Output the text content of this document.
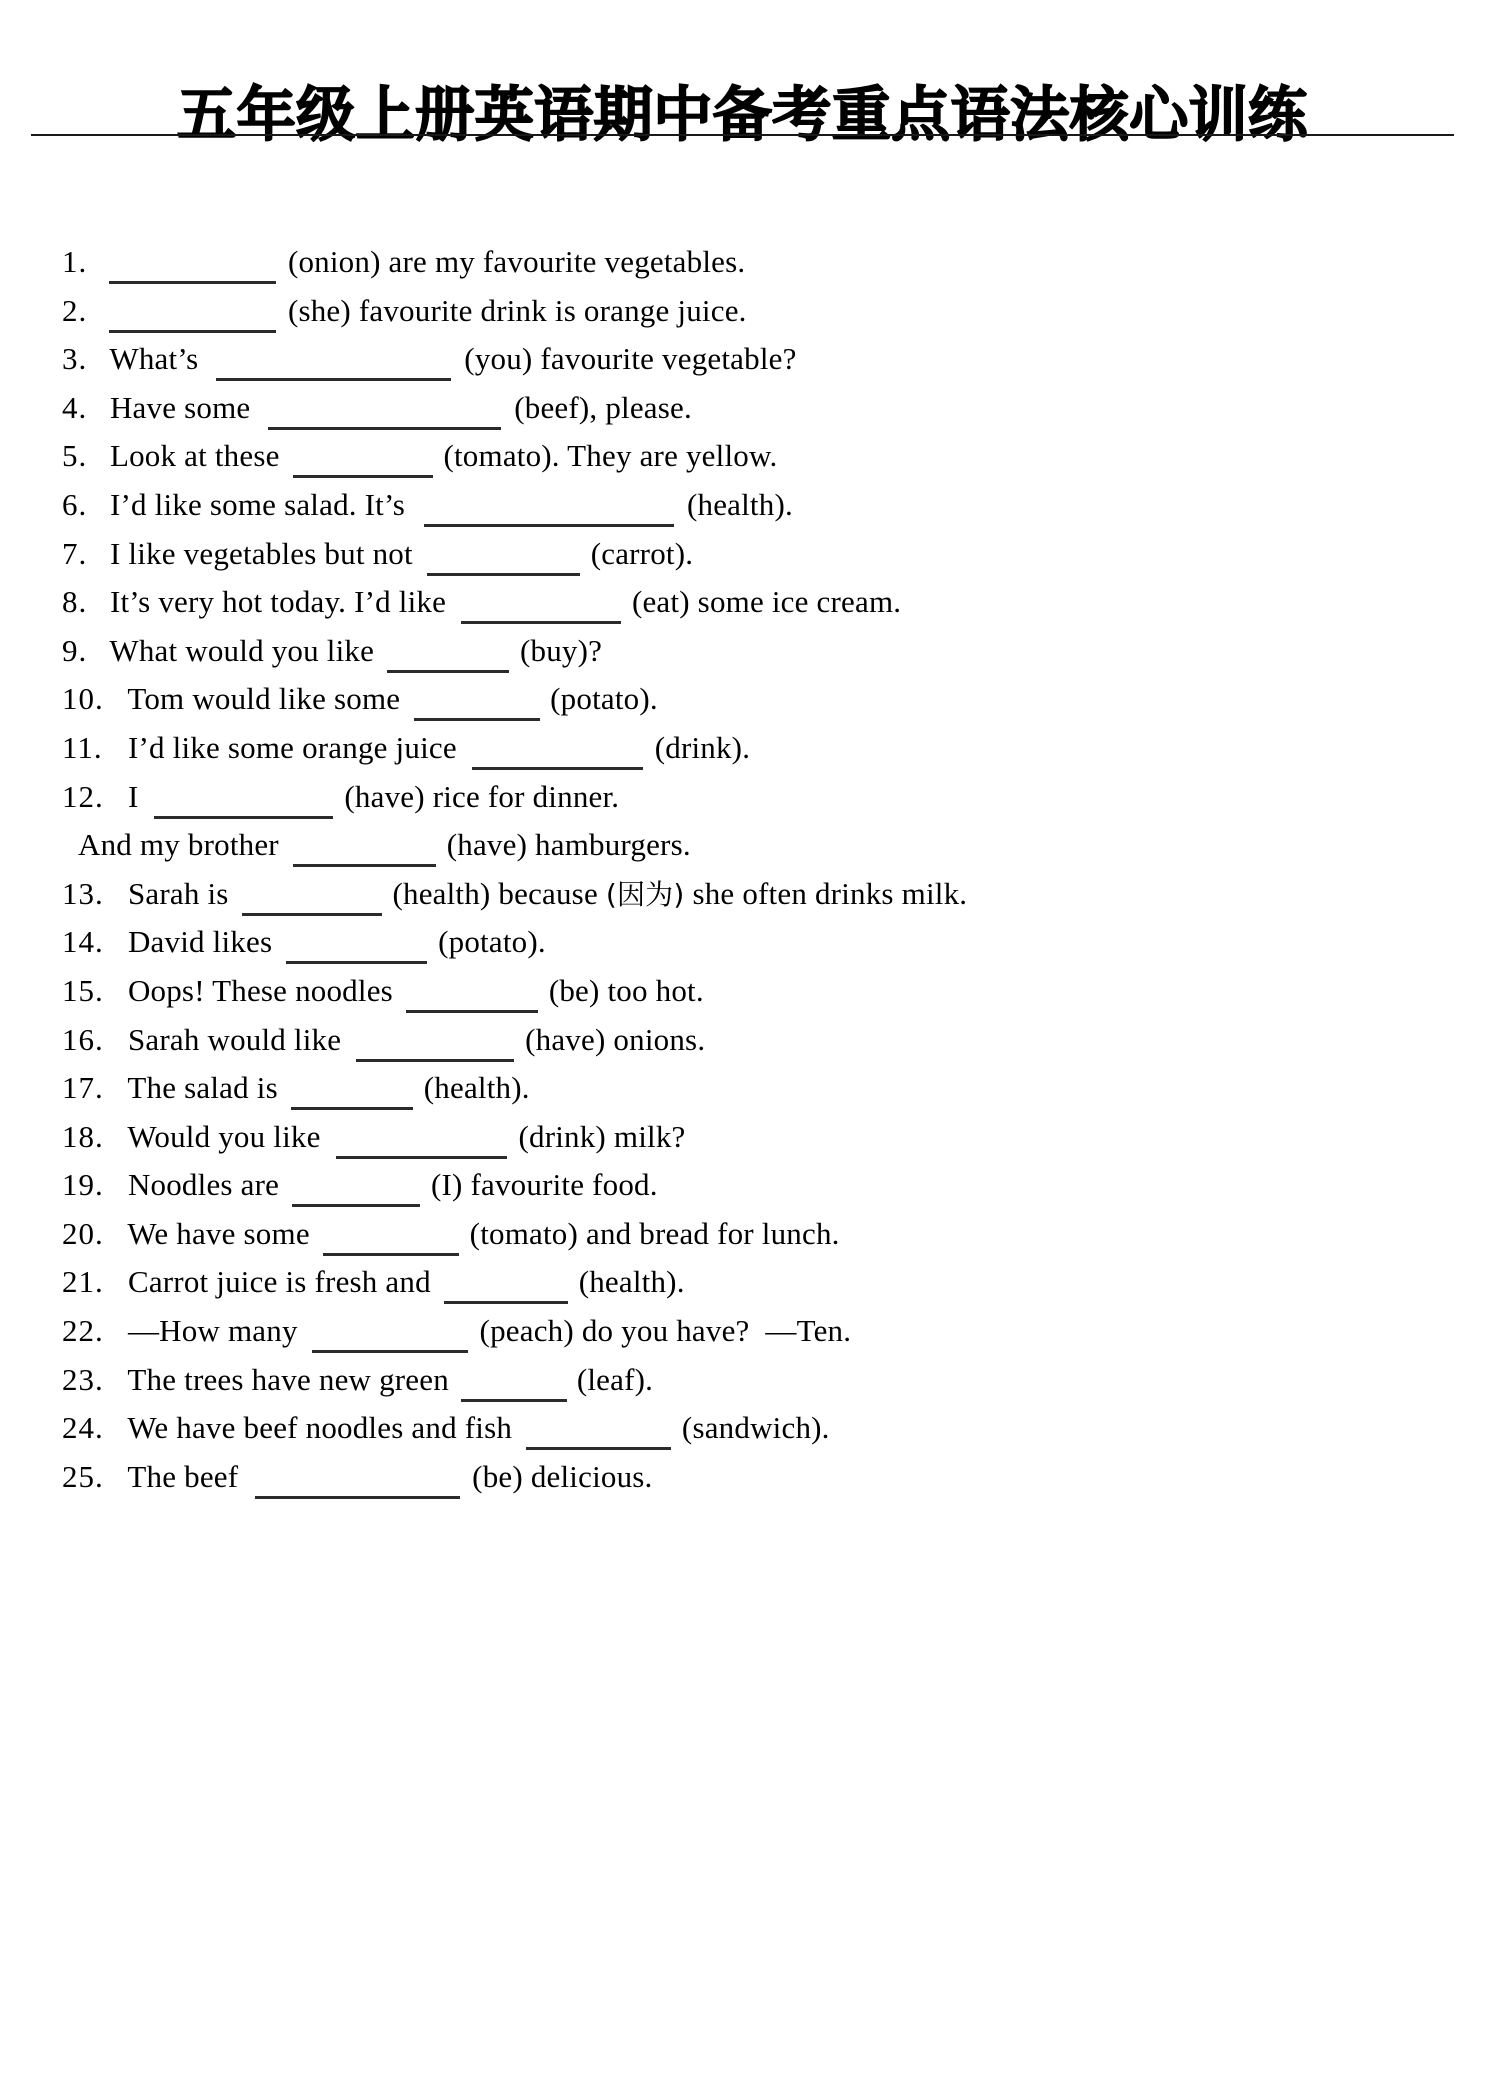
五年级上册英语期中备考重点语法核心训练
1.	(onion) are my favourite vegetables.
2.	(she) favourite drink is orange juice.
3. What’s	(you) favourite vegetable?
4. Have some	(beef), please.
5. Look at these	(tomato). They are yellow.
6. I’d like some salad. It’s	(health).
7. I like vegetables but not	(carrot).
8. It’s very hot today. I’d like	(eat) some ice cream.
9. What would you like	(buy)?
10. Tom would like some	(potato).
11. I’d like some orange juice	(drink).
12. I	(have) rice for dinner.
And my brother	(have) hamburgers.
13. Sarah is	(health) because (因为) she often drinks milk.
14. David likes	(potato).
15. Oops! These noodles	(be) too hot.
16. Sarah would like	(have) onions.
17. The salad is	(health).
18. Would you like	(drink) milk?
19. Noodles are	(I) favourite food.
20. We have some	(tomato) and bread for lunch.
21. Carrot juice is fresh and	(health).
22. —How many	(peach) do you have?  —Ten.
23. The trees have new green	(leaf).
24. We have beef noodles and fish	(sandwich).
25. The beef	(be) delicious.
